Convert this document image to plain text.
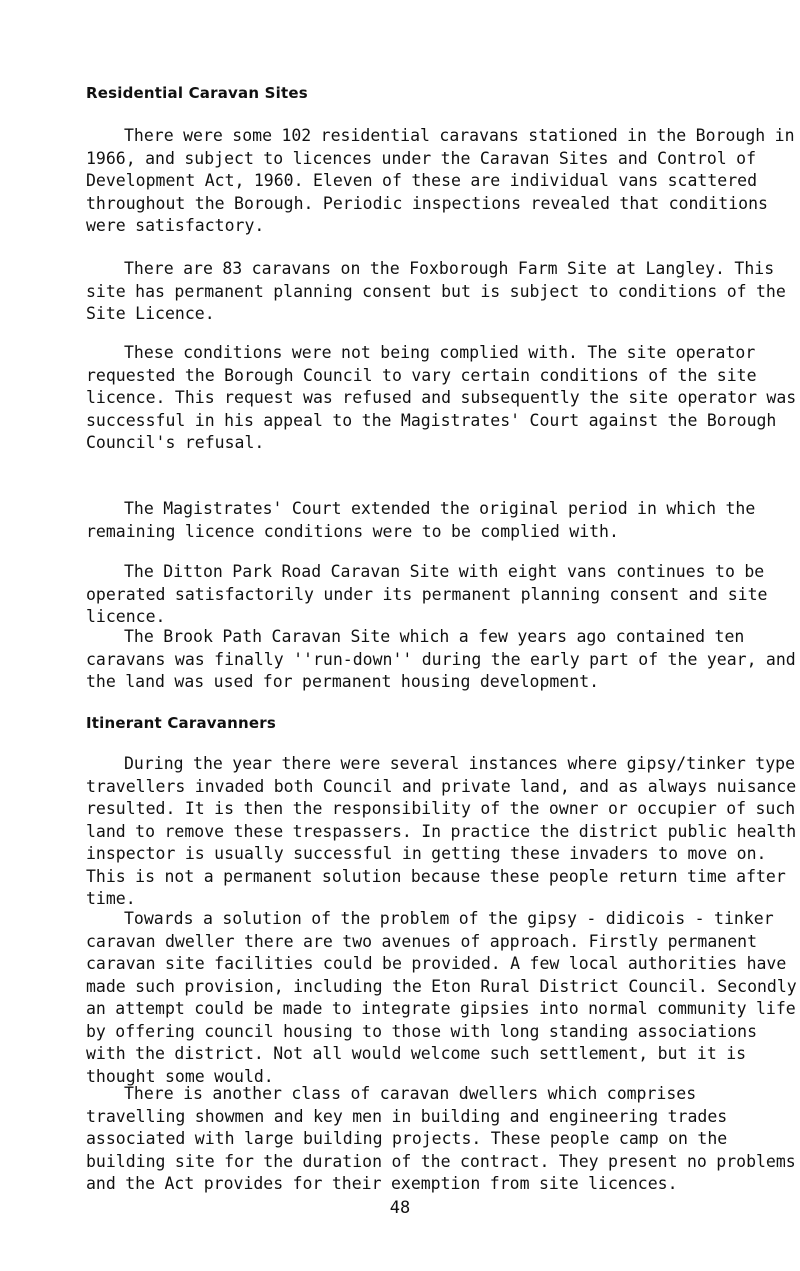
Residential Caravan Sites

There were some 102 residential caravans stationed in the Borough in 1966, and subject to licences under the Caravan Sites and Control of Development Act, 1960. Eleven of these are individual vans scattered throughout the Borough. Periodic inspections revealed that conditions were satisfactory.

There are 83 caravans on the Foxborough Farm Site at Langley. This site has permanent planning consent but is subject to conditions of the Site Licence.

These conditions were not being complied with. The site operator requested the Borough Council to vary certain conditions of the site licence. This request was refused and subsequently the site operator was successful in his appeal to the Magistrates' Court against the Borough Council's refusal.

The Magistrates' Court extended the original period in which the remaining licence conditions were to be complied with.

The Ditton Park Road Caravan Site with eight vans continues to be operated satisfactorily under its permanent planning consent and site licence.

The Brook Path Caravan Site which a few years ago contained ten caravans was finally ''run-down'' during the early part of the year, and the land was used for permanent housing development.

Itinerant Caravanners

During the year there were several instances where gipsy/tinker type travellers invaded both Council and private land, and as always nuisance resulted. It is then the responsibility of the owner or occupier of such land to remove these trespassers. In practice the district public health inspector is usually successful in getting these invaders to move on. This is not a permanent solution because these people return time after time.

Towards a solution of the problem of the gipsy - didicois - tinker caravan dweller there are two avenues of approach. Firstly permanent caravan site facilities could be provided. A few local authorities have made such provision, including the Eton Rural District Council. Secondly an attempt could be made to integrate gipsies into normal community life by offering council housing to those with long standing associations with the district. Not all would welcome such settlement, but it is thought some would.

There is another class of caravan dwellers which comprises travelling showmen and key men in building and engineering trades associated with large building projects. These people camp on the building site for the duration of the contract. They present no problems and the Act provides for their exemption from site licences.

48
